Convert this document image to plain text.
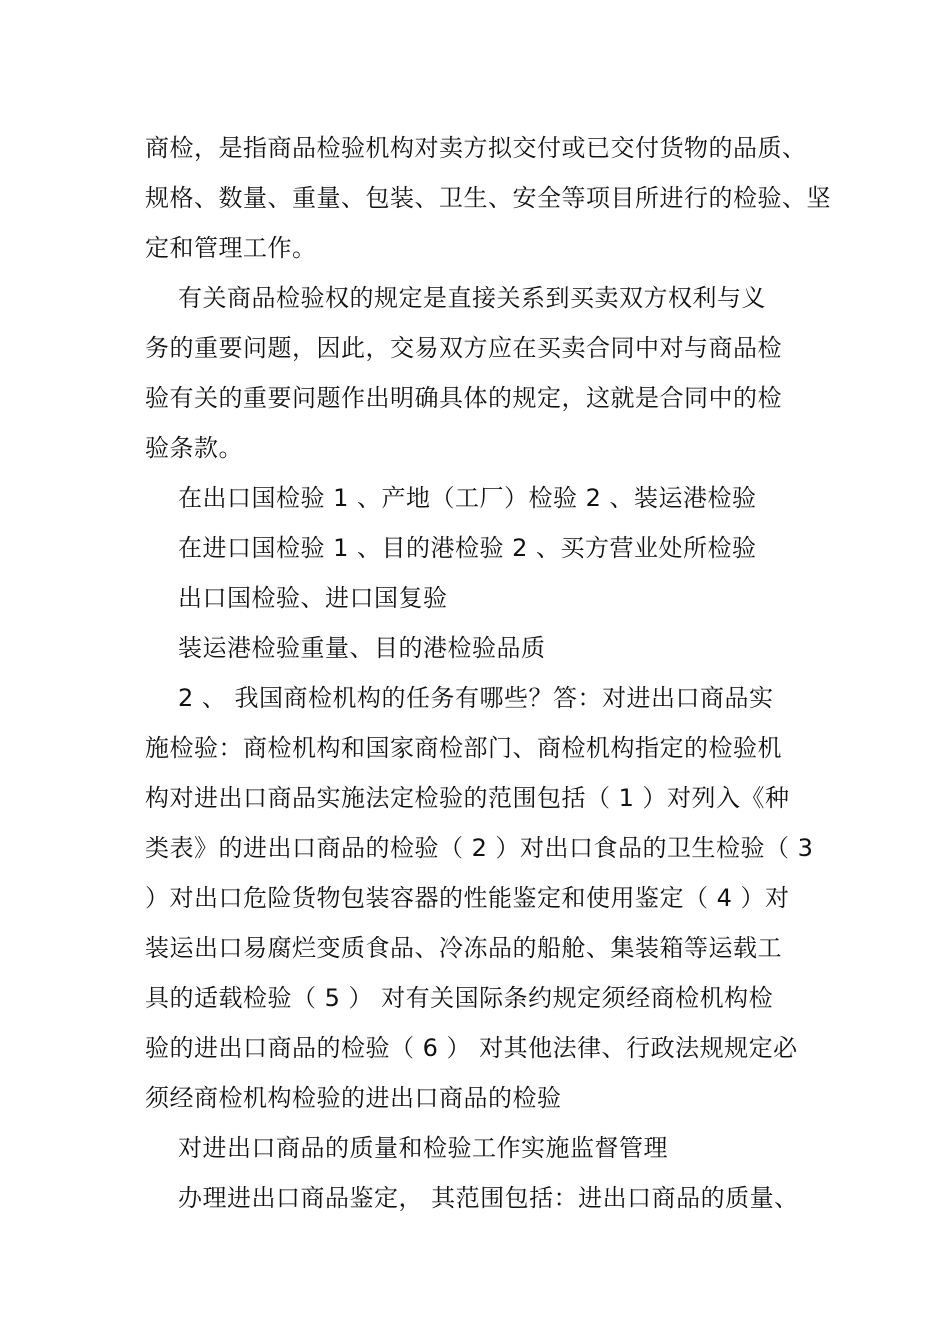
商检，是指商品检验机构对卖方拟交付或已交付货物的品质、
规格、数量、重量、包装、卫生、安全等项目所进行的检验、坚
定和管理工作。
有关商品检验权的规定是直接关系到买卖双方权利与义
务的重要问题，因此，交易双方应在买卖合同中对与商品检
验有关的重要问题作出明确具体的规定，这就是合同中的检
验条款。
在出口国检验 1 、产地（工厂）检验 2 、装运港检验
在进口国检验 1 、目的港检验 2 、买方营业处所检验
出口国检验、进口国复验
装运港检验重量、目的港检验品质
2 、 我国商检机构的任务有哪些？答：对进出口商品实
施检验：商检机构和国家商检部门、商检机构指定的检验机
构对进出口商品实施法定检验的范围包括（ 1 ）对列入《种
类表》的进出口商品的检验（ 2 ）对出口食品的卫生检验（ 3
）对出口危险货物包装容器的性能鉴定和使用鉴定（ 4 ）对
装运出口易腐烂变质食品、冷冻品的船舱、集装箱等运载工
具的适载检验（ 5 ） 对有关国际条约规定须经商检机构检
验的进出口商品的检验（ 6 ） 对其他法律、行政法规规定必
须经商检机构检验的进出口商品的检验
对进出口商品的质量和检验工作实施监督管理
办理进出口商品鉴定， 其范围包括：进出口商品的质量、
